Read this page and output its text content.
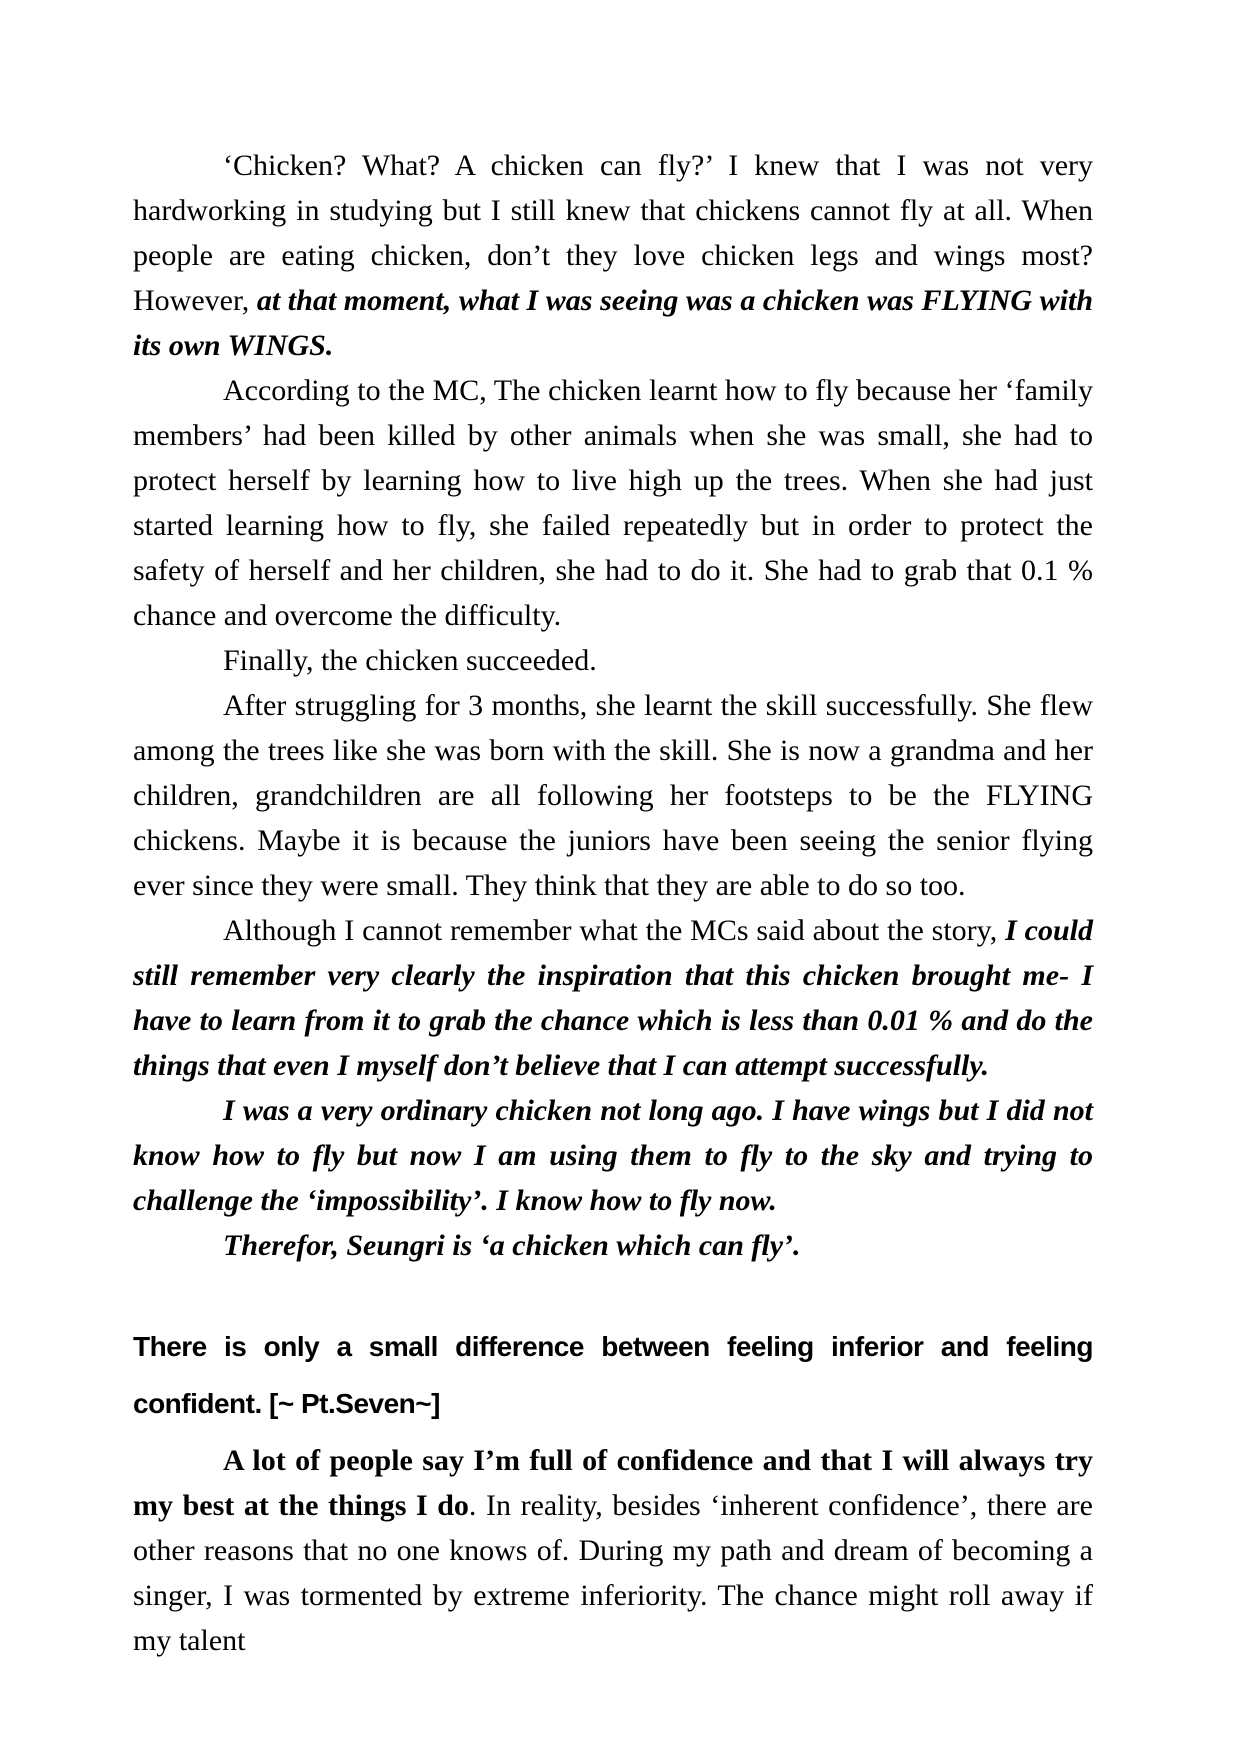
‘Chicken? What? A chicken can fly?’ I knew that I was not very hardworking in studying but I still knew that chickens cannot fly at all. When people are eating chicken, don’t they love chicken legs and wings most? However, at that moment, what I was seeing was a chicken was FLYING with its own WINGS.

According to the MC, The chicken learnt how to fly because her ‘family members’ had been killed by other animals when she was small, she had to protect herself by learning how to live high up the trees. When she had just started learning how to fly, she failed repeatedly but in order to protect the safety of herself and her children, she had to do it. She had to grab that 0.1 % chance and overcome the difficulty.

Finally, the chicken succeeded.

After struggling for 3 months, she learnt the skill successfully. She flew among the trees like she was born with the skill. She is now a grandma and her children, grandchildren are all following her footsteps to be the FLYING chickens. Maybe it is because the juniors have been seeing the senior flying ever since they were small. They think that they are able to do so too.

Although I cannot remember what the MCs said about the story, I could still remember very clearly the inspiration that this chicken brought me- I have to learn from it to grab the chance which is less than 0.01 % and do the things that even I myself don’t believe that I can attempt successfully.

I was a very ordinary chicken not long ago. I have wings but I did not know how to fly but now I am using them to fly to the sky and trying to challenge the ‘impossibility’. I know how to fly now.

Therefor, Seungri is ‘a chicken which can fly’.

There is only a small difference between feeling inferior and feeling confident. [~ Pt.Seven~]

A lot of people say I’m full of confidence and that I will always try my best at the things I do. In reality, besides ‘inherent confidence’, there are other reasons that no one knows of. During my path and dream of becoming a singer, I was tormented by extreme inferiority. The chance might roll away if my talent
